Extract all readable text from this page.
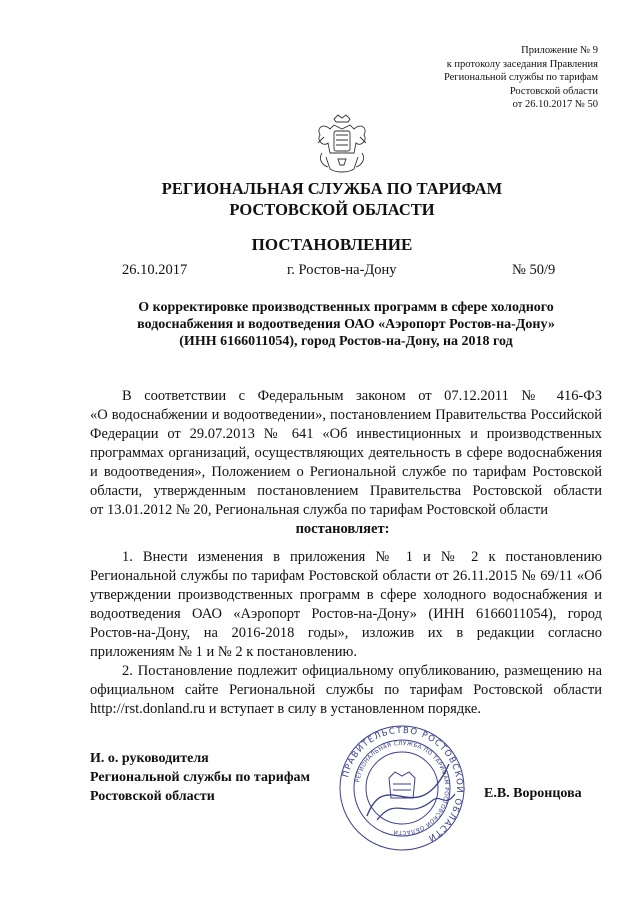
Приложение № 9
к протоколу заседания Правления
Региональной службы по тарифам
Ростовской области
от 26.10.2017 № 50
РЕГИОНАЛЬНАЯ СЛУЖБА ПО ТАРИФАМ
РОСТОВСКОЙ ОБЛАСТИ
ПОСТАНОВЛЕНИЕ
26.10.2017	г. Ростов-на-Дону	№ 50/9
О корректировке производственных программ в сфере холодного
водоснабжения и водоотведения ОАО «Аэропорт Ростов-на-Дону»
(ИНН 6166011054), город Ростов-на-Дону, на 2018 год
В соответствии с Федеральным законом от 07.12.2011 № 416-ФЗ
«О водоснабжении и водоотведении», постановлением Правительства Российской
Федерации от 29.07.2013 № 641 «Об инвестиционных и производственных
программах организаций, осуществляющих деятельность в сфере водоснабжения
и водоотведения», Положением о Региональной службе по тарифам Ростовской
области, утвержденным постановлением Правительства Ростовской области
от 13.01.2012 № 20, Региональная служба по тарифам Ростовской области
постановляет:
1. Внести изменения в приложения № 1 и № 2 к постановлению
Региональной службы по тарифам Ростовской области от 26.11.2015 № 69/11 «Об
утверждении производственных программ в сфере холодного водоснабжения и
водоотведения ОАО «Аэропорт Ростов-на-Дону» (ИНН 6166011054), город
Ростов-на-Дону, на 2016-2018 годы», изложив их в редакции согласно
приложениям № 1 и № 2 к постановлению.
2. Постановление подлежит официальному опубликованию, размещению на
официальном сайте Региональной службы по тарифам Ростовской области
http://rst.donland.ru и вступает в силу в установленном порядке.
И. о. руководителя
Региональной службы по тарифам
Ростовской области
ПРАВИТЕЛЬСТВО РОСТОВСКОЙ ОБЛАСТИ
РЕГИОНАЛЬНАЯ СЛУЖБА ПО ТАРИФАМ РОСТОВСКОЙ ОБЛАСТИ
Е.В. Воронцова
